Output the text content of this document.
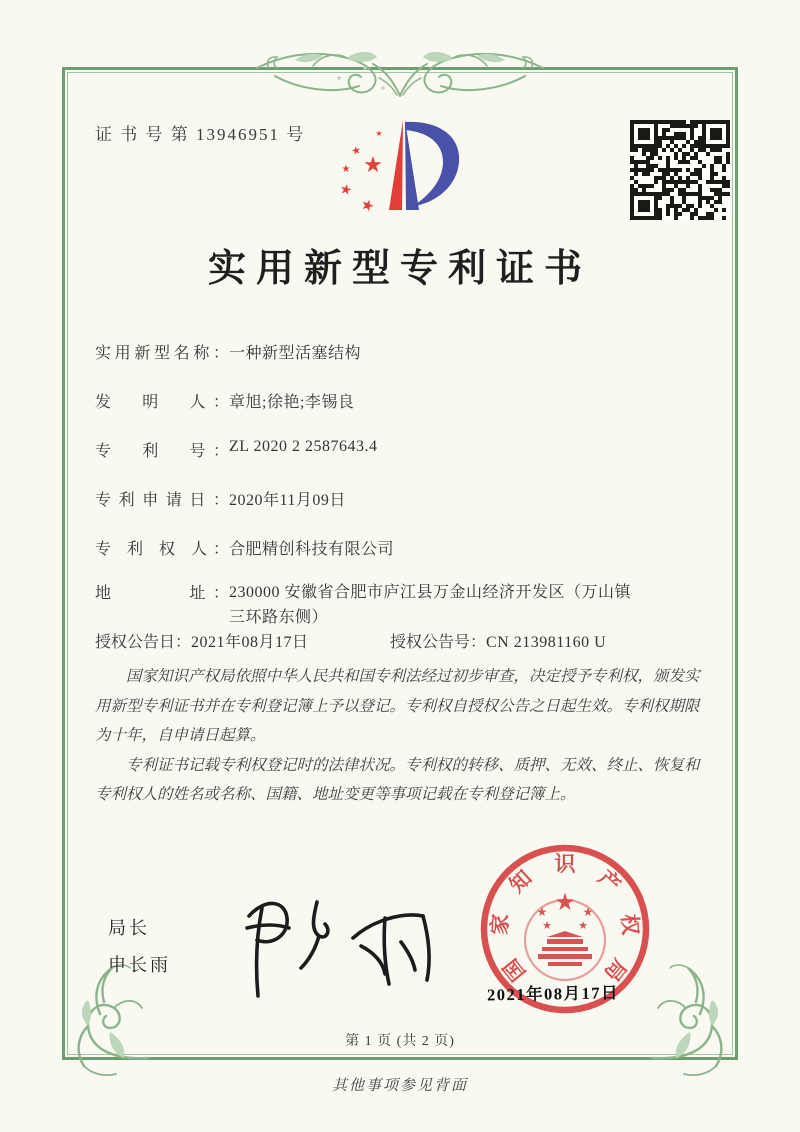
证 书 号 第 13946951 号
★
★
★
★
★
★
实用新型专利证书
实用新型名称：一种新型活塞结构
发　明　人：章旭;徐艳;李锡良
专　利　号：ZL 2020 2 2587643.4
专利申请日：2020年11月09日
专 利 权 人：合肥精创科技有限公司
地　　　址：230000 安徽省合肥市庐江县万金山经济开发区（万山镇三环路东侧）
授权公告日：2021年08月17日	授权公告号：CN 213981160 U

国家知识产权局依照中华人民共和国专利法经过初步审查，决定授予专利权，颁发实用新型专利证书并在专利登记簿上予以登记。专利权自授权公告之日起生效。专利权期限为十年，自申请日起算。

专利证书记载专利权登记时的法律状况。专利权的转移、质押、无效、终止、恢复和专利权人的姓名或名称、国籍、地址变更等事项记载在专利登记簿上。

局长
申长雨
★
★	★
★ ★
国
家
知
识
产
权
局
2021年08月17日
第 1 页 (共 2 页)
其他事项参见背面
